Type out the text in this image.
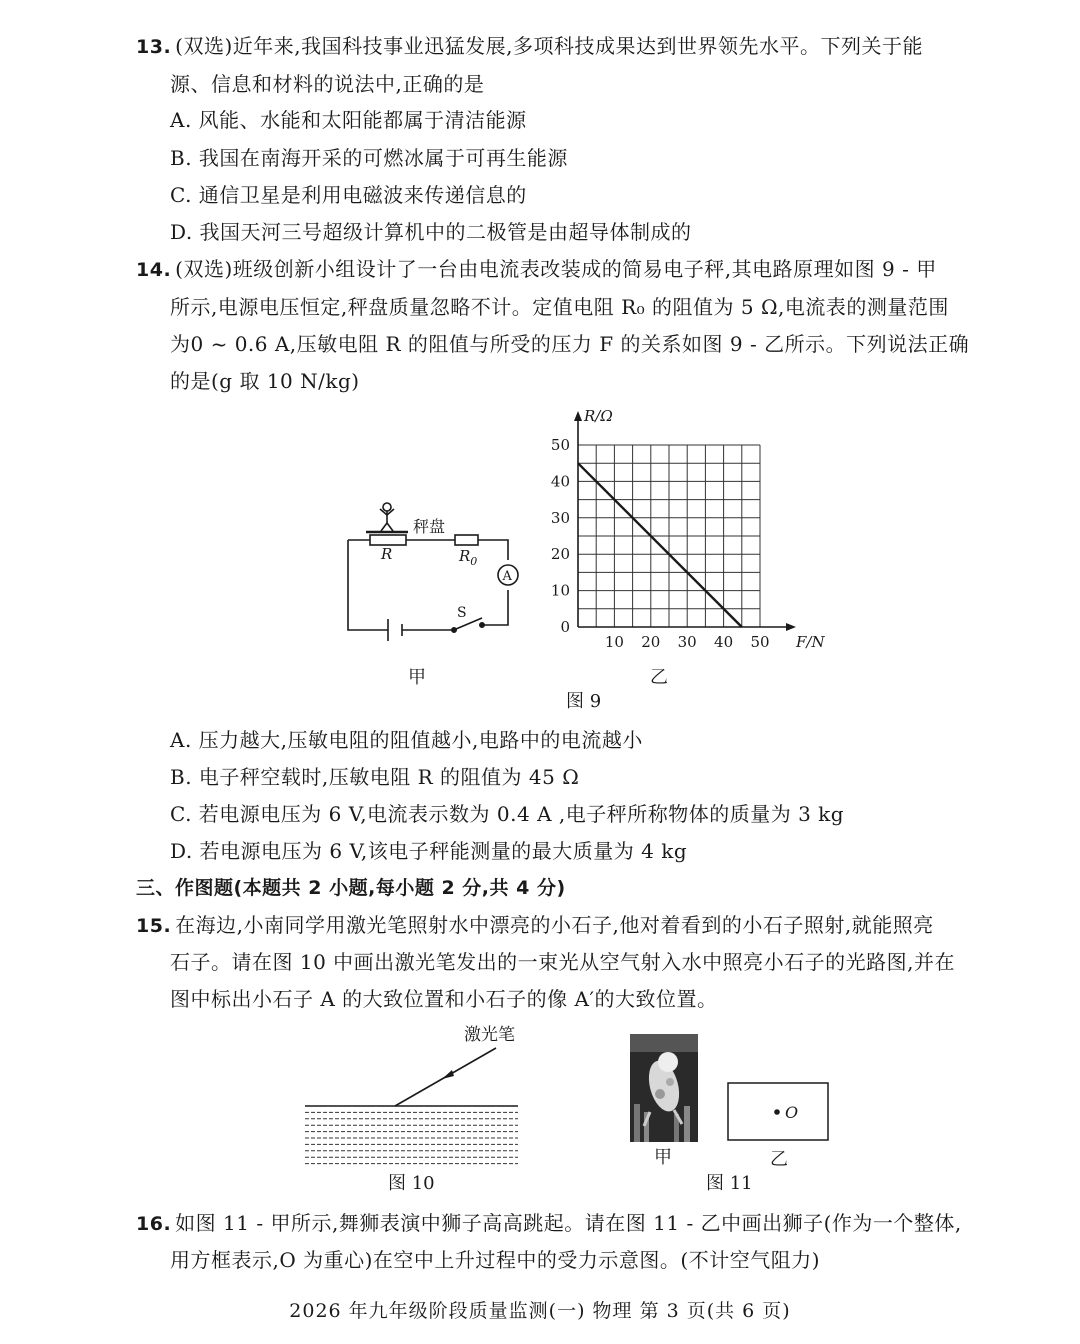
13. (双选)近年来,我国科技事业迅猛发展,多项科技成果达到世界领先水平。下列关于能
源、信息和材料的说法中,正确的是
A. 风能、水能和太阳能都属于清洁能源
B. 我国在南海开采的可燃冰属于可再生能源
C. 通信卫星是利用电磁波来传递信息的
D. 我国天河三号超级计算机中的二极管是由超导体制成的
14. (双选)班级创新小组设计了一台由电流表改装成的简易电子秤,其电路原理如图 9 - 甲
所示,电源电压恒定,秤盘质量忽略不计。定值电阻 R₀ 的阻值为 5 Ω,电流表的测量范围
为0 ~ 0.6 A,压敏电阻 R 的阻值与所受的压力 F 的关系如图 9 - 乙所示。下列说法正确
的是(g 取 10 N/kg)
秤盘
R	$R_0$
A
S
甲
10 20 30 40 50
0
10
20
30
40
50
F/N
R/Ω
乙
图 9
A. 压力越大,压敏电阻的阻值越小,电路中的电流越小
B. 电子秤空载时,压敏电阻 R 的阻值为 45 Ω
C. 若电源电压为 6 V,电流表示数为 0.4 A ,电子秤所称物体的质量为 3 kg
D. 若电源电压为 6 V,该电子秤能测量的最大质量为 4 kg
三、作图题(本题共 2 小题,每小题 2 分,共 4 分)
15. 在海边,小南同学用激光笔照射水中漂亮的小石子,他对着看到的小石子照射,就能照亮
石子。请在图 10 中画出激光笔发出的一束光从空气射入水中照亮小石子的光路图,并在
图中标出小石子 A 的大致位置和小石子的像 A′的大致位置。
激光笔
图 10
甲
O
乙
图 11
16. 如图 11 - 甲所示,舞狮表演中狮子高高跳起。请在图 11 - 乙中画出狮子(作为一个整体,
用方框表示,O 为重心)在空中上升过程中的受力示意图。(不计空气阻力)
2026 年九年级阶段质量监测(一) 物理 第 3 页(共 6 页)
